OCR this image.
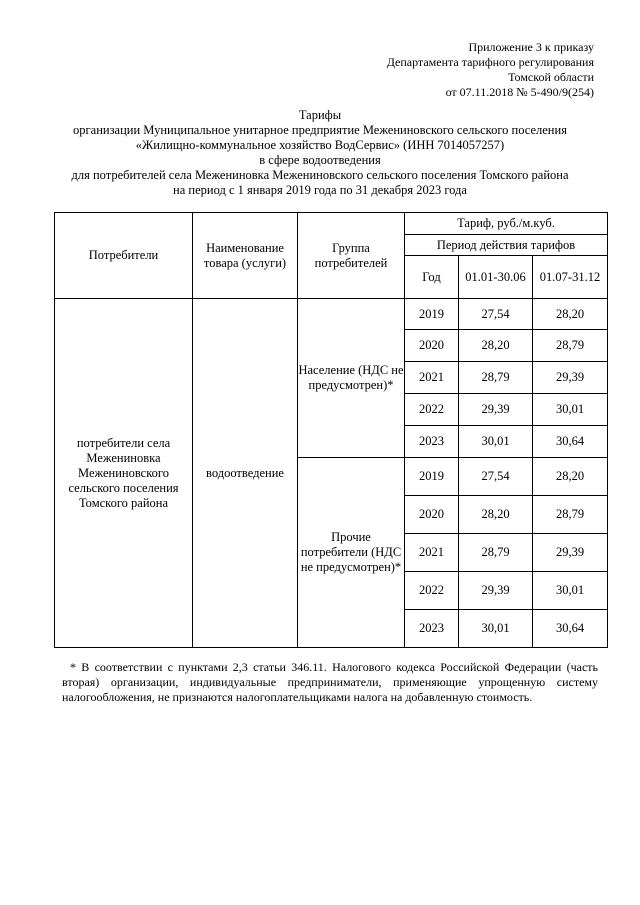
Приложение 3 к приказу
Департамента тарифного регулирования
Томской области
от 07.11.2018 № 5-490/9(254)
Тарифы
организации Муниципальное унитарное предприятие Межениновского сельского поселения
«Жилищно-коммунальное хозяйство ВодСервис» (ИНН 7014057257)
в сфере водоотведения
для потребителей села Межениновка Межениновского сельского поселения Томского района
на период с 1 января 2019 года по 31 декабря 2023 года
Потребители	Наименование товара (услуги)	Группа потребителей	Тариф, руб./м.куб.		
			Период действия тарифов		
			Год	01.01-30.06	01.07-31.12
потребители села Межениновка Межениновского сельского поселения Томского района	водоотведение	Население (НДС не предусмотрен)*	2019	27,54	28,20
			2020	28,20	28,79
			2021	28,79	29,39
			2022	29,39	30,01
			2023	30,01	30,64
		Прочие потребители (НДС не предусмотрен)*	2019	27,54	28,20
			2020	28,20	28,79
			2021	28,79	29,39
			2022	29,39	30,01
			2023	30,01	30,64
* В соответствии с пунктами 2,3 статьи 346.11. Налогового кодекса Российской Федерации (часть вторая) организации, индивидуальные предприниматели, применяющие упрощенную систему налогообложения, не признаются налогоплательщиками налога на добавленную стоимость.
